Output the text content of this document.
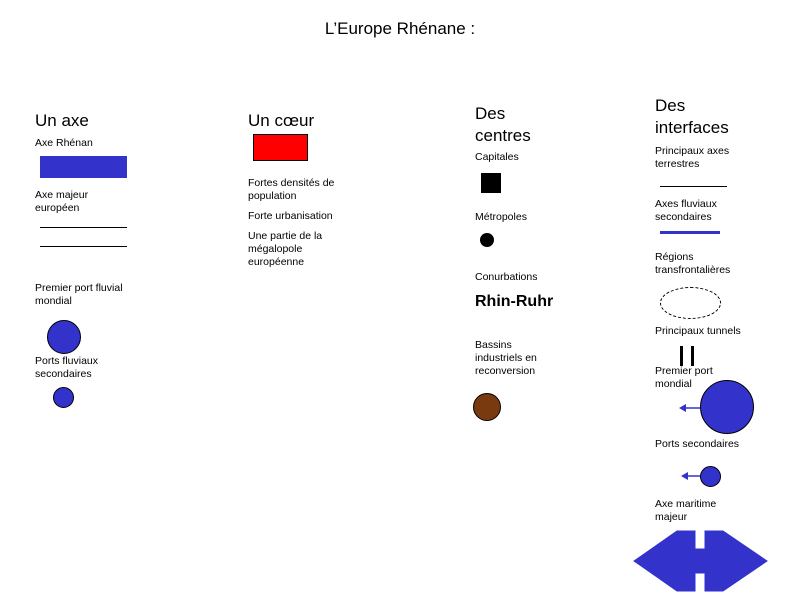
L’Europe Rhénane :
Un axe
Axe Rhénan
Axe majeur européen
Premier port fluvial mondial
Ports fluviaux secondaires
Un cœur
Fortes densités de population
Forte urbanisation
Une partie de la mégalopole européenne
Des centres
Capitales
Métropoles
Conurbations
Rhin-Ruhr
Bassins industriels en reconversion
Des interfaces
Principaux axes terrestres
Axes fluviaux secondaires
Régions transfrontalières
Principaux tunnels
Premier port mondial
Ports secondaires
Axe maritime majeur
